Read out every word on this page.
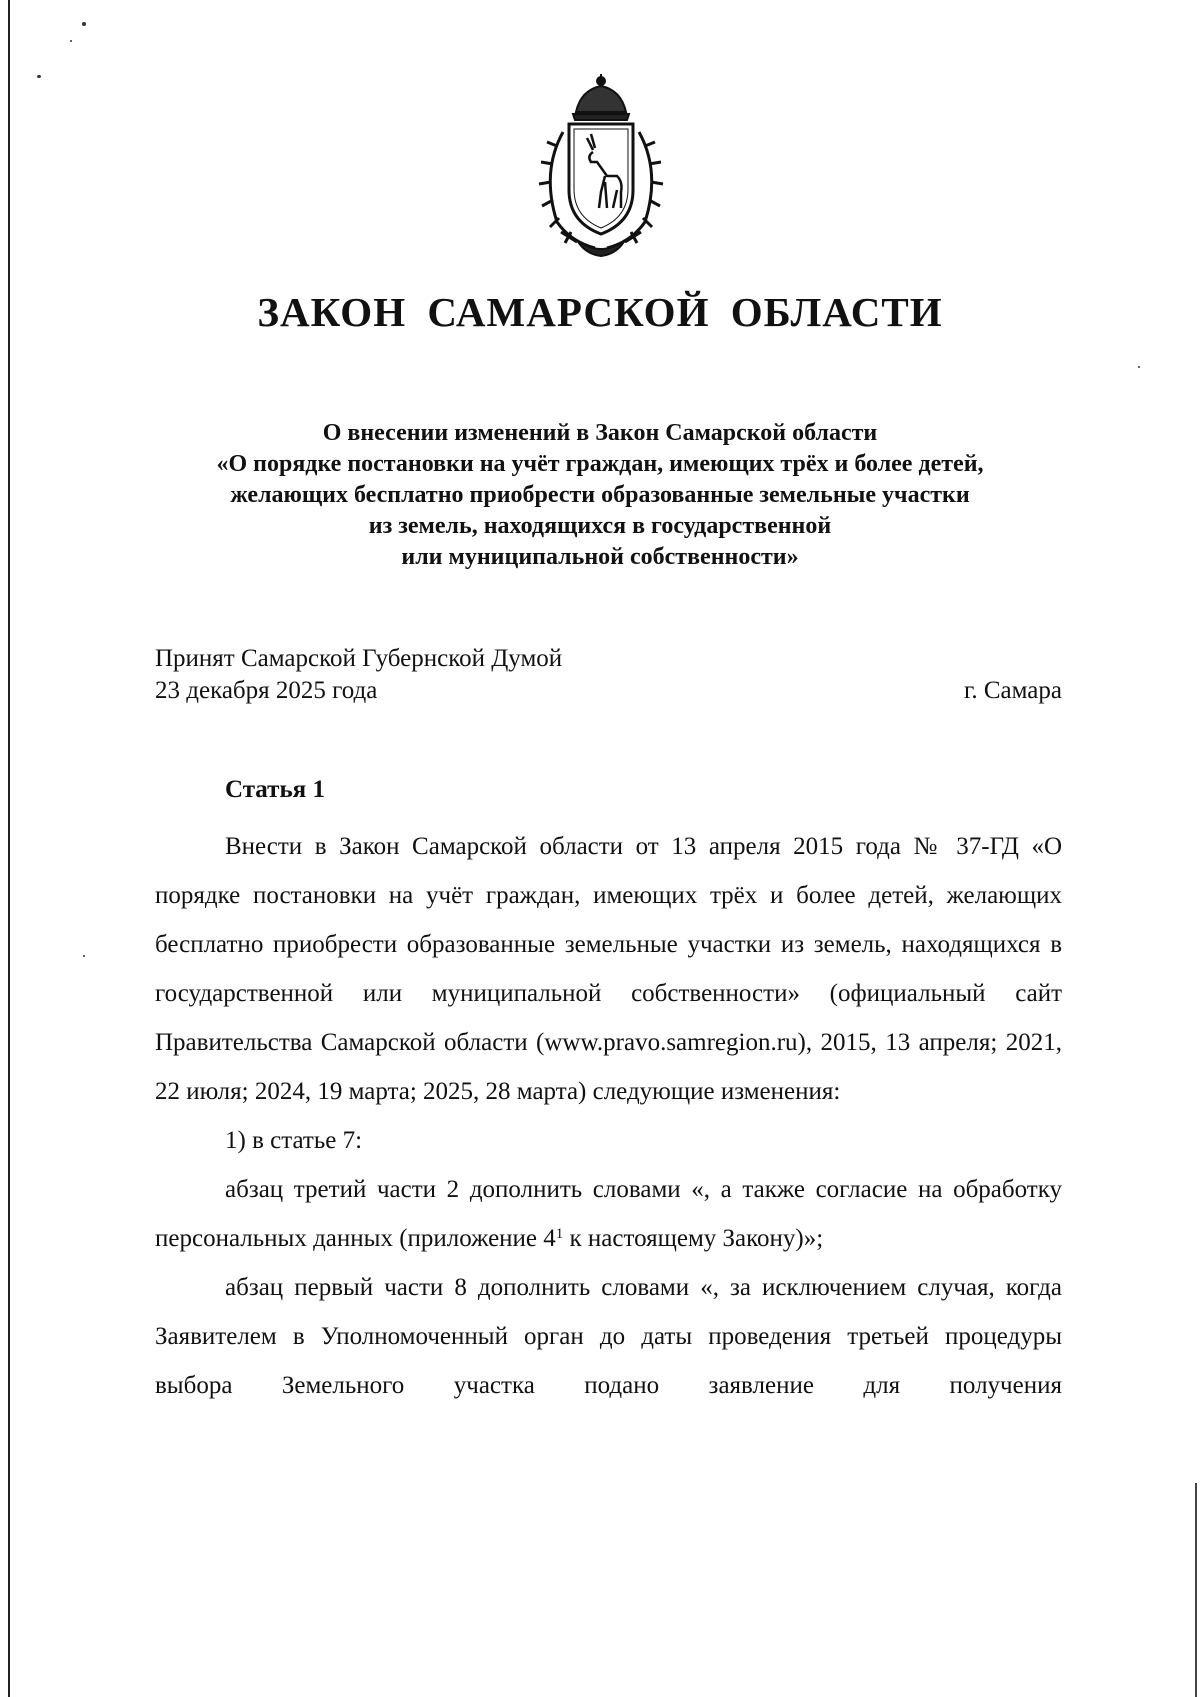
ЗАКОН САМАРСКОЙ ОБЛАСТИ
О внесении изменений в Закон Самарской области
«О порядке постановки на учёт граждан, имеющих трёх и более детей,
желающих бесплатно приобрести образованные земельные участки
из земель, находящихся в государственной
или муниципальной собственности»
Принят Самарской Губернской Думой
23 декабря 2025 года	г. Самара
Статья 1

Внести в Закон Самарской области от 13 апреля 2015 года № 37-ГД «О порядке постановки на учёт граждан, имеющих трёх и более детей, желающих бесплатно приобрести образованные земельные участки из земель, находящихся в государственной или муниципальной собственности» (официальный сайт Правительства Самарской области (www.pravo.samregion.ru), 2015, 13 апреля; 2021, 22 июля; 2024, 19 марта; 2025, 28 марта) следующие изменения:

1) в статье 7:

абзац третий части 2 дополнить словами «, а также согласие на обработку персональных данных (приложение $4^1$ к настоящему Закону)»;

абзац первый части 8 дополнить словами «, за исключением случая, когда Заявителем в Уполномоченный орган до даты проведения третьей процедуры выбора Земельного участка подано заявление для получения
